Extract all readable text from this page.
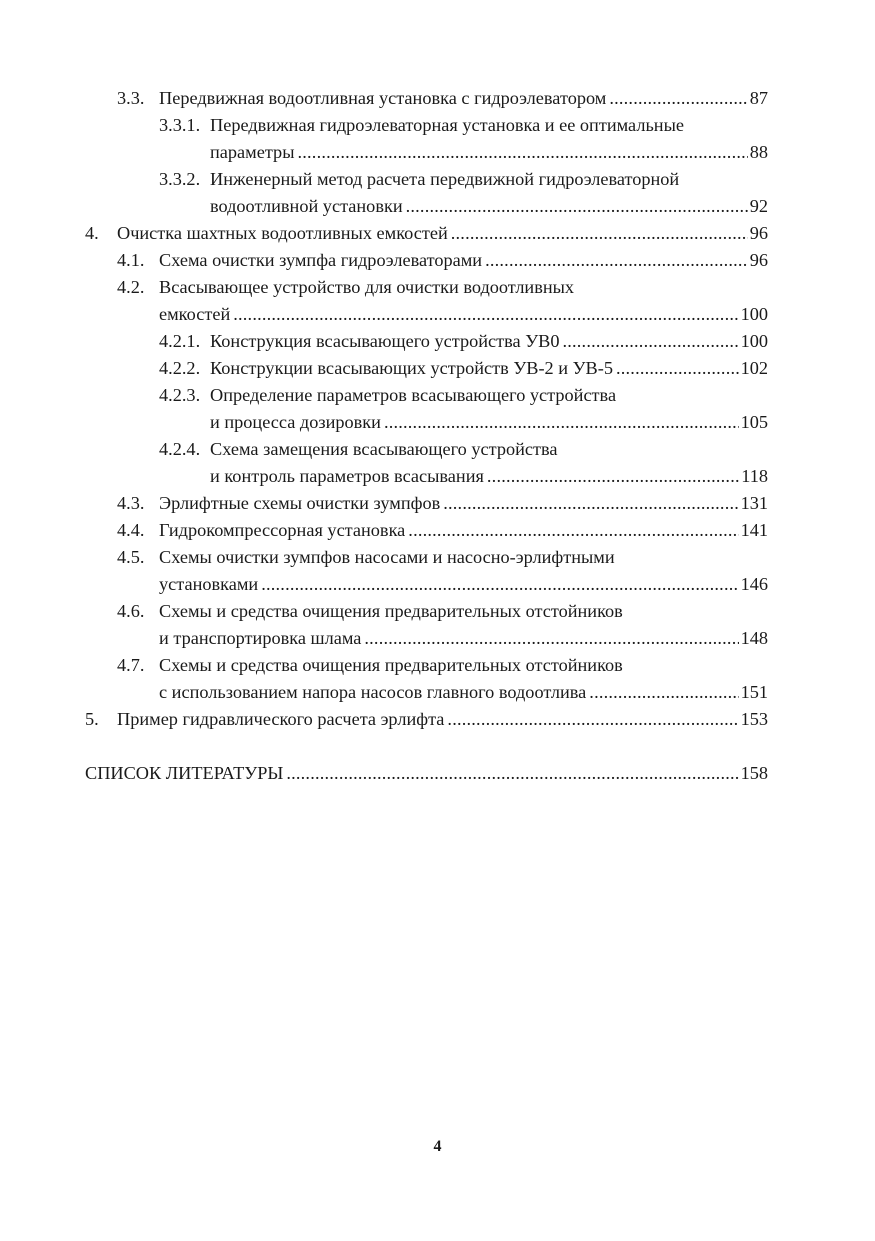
3.3. Передвижная водоотливная установка с гидроэлеватором .....	87
3.3.1. Передвижная гидроэлеваторная установка и ее оптимальные
параметры .....	88
3.3.2. Инженерный метод расчета передвижной гидроэлеваторной
водоотливной установки .....	92
4. Очистка шахтных водоотливных емкостей .....	96
4.1. Схема очистки зумпфа гидроэлеваторами .....	96
4.2. Всасывающее устройство для очистки водоотливных
емкостей .....	100
4.2.1. Конструкция всасывающего устройства УВ0 .....	100
4.2.2. Конструкции всасывающих устройств УВ-2 и УВ-5 .....	102
4.2.3. Определение параметров всасывающего устройства
и процесса дозировки .....	105
4.2.4. Схема замещения всасывающего устройства
и контроль параметров всасывания .....	118
4.3. Эрлифтные схемы очистки зумпфов .....	131
4.4. Гидрокомпрессорная установка .....	141
4.5. Схемы очистки зумпфов насосами и насосно-эрлифтными
установками .....	146
4.6. Схемы и средства очищения предварительных отстойников
и транспортировка шлама .....	148
4.7. Схемы и средства очищения предварительных отстойников
с использованием напора насосов главного водоотлива .....	151
5. Пример гидравлического расчета эрлифта .....	153
СПИСОК ЛИТЕРАТУРЫ .....	158
4
